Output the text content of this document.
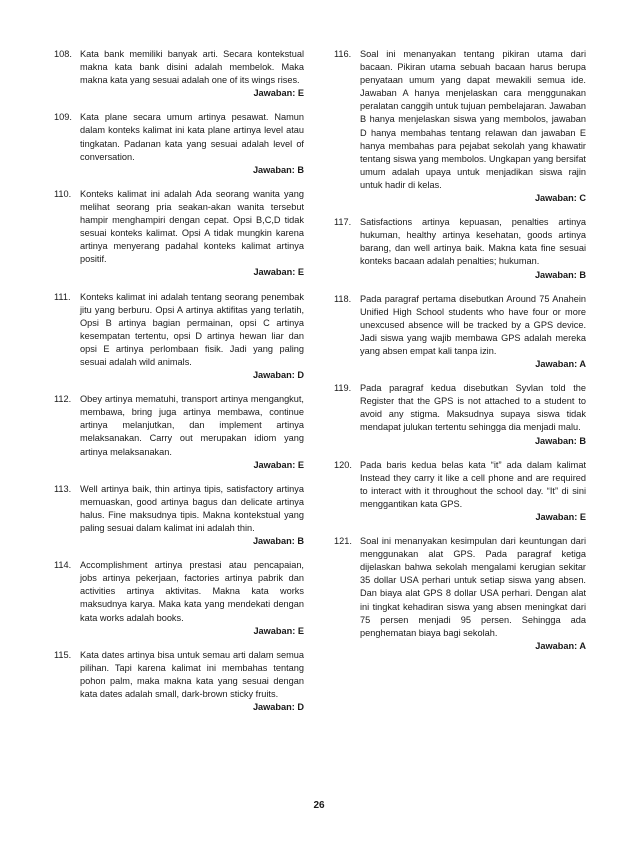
108. Kata bank memiliki banyak arti. Secara kontekstual makna kata bank disini adalah membelok. Maka makna kata yang sesuai adalah one of its wings rises.
Jawaban: E
109. Kata plane secara umum artinya pesawat. Namun dalam konteks kalimat ini kata plane artinya level atau tingkatan. Padanan kata yang sesuai adalah level of conversation.
Jawaban: B
110. Konteks kalimat ini adalah Ada seorang wanita yang melihat seorang pria seakan-akan wanita tersebut hampir menghampiri dengan cepat. Opsi B,C,D tidak sesuai konteks kalimat. Opsi A tidak mungkin karena artinya menyerang padahal konteks kalimat artinya positif.
Jawaban: E
111.	Konteks kalimat ini adalah tentang seorang penembak jitu yang berburu. Opsi A artinya aktifitas yang terlatih, Opsi B artinya bagian permainan, opsi C artinya kesempatan tertentu, opsi D artinya hewan liar dan opsi E artinya perlombaan fisik. Jadi yang paling sesuai adalah wild animals.
Jawaban: D
112. Obey artinya mematuhi, transport artinya mengangkut, membawa, bring juga artinya membawa, continue artinya melanjutkan, dan implement artinya melaksanakan. Carry out merupakan idiom yang artinya melaksanakan.
Jawaban: E
113. Well artinya baik, thin artinya tipis, satisfactory artinya memuaskan, good artinya bagus dan delicate artinya halus. Fine maksudnya tipis. Makna kontekstual yang paling sesuai dalam kalimat ini adalah thin.
Jawaban: B
114. Accomplishment artinya prestasi atau pencapaian, jobs artinya pekerjaan, factories artinya pabrik dan activities artinya aktivitas. Makna kata works maksudnya karya. Maka kata yang mendekati dengan kata works adalah books.
Jawaban: E
115. Kata dates artinya bisa untuk semau arti dalam semua pilihan. Tapi karena kalimat ini membahas tentang pohon palm, maka makna kata yang sesuai dengan kata dates adalah small, dark-brown sticky fruits.
Jawaban: D
116. Soal ini menanyakan tentang pikiran utama dari bacaan. Pikiran utama sebuah bacaan harus berupa penyataan umum yang dapat mewakili semua ide. Jawaban A hanya menjelaskan cara menggunakan peralatan canggih untuk tujuan pembelajaran. Jawaban B hanya menjelaskan siswa yang membolos, jawaban D hanya membahas tentang relawan dan jawaban E hanya membahas para pejabat sekolah yang khawatir tentang siswa yang membolos. Ungkapan yang bersifat umum adalah upaya untuk menjadikan siswa rajin untuk hadir di kelas.
Jawaban: C
117. Satisfactions artinya kepuasan, penalties artinya hukuman, healthy artinya kesehatan, goods artinya barang, dan well artinya baik. Makna kata fine sesuai konteks bacaan adalah penalties; hukuman.
Jawaban: B
118. Pada paragraf pertama disebutkan Around 75 Anahein Unified High School students who have four or more unexcused absence will be tracked by a GPS device. Jadi siswa yang wajib membawa GPS adalah mereka yang absen empat kali tanpa izin.
Jawaban: A
119. Pada paragraf kedua disebutkan Syvlan told the Register that the GPS is not attached to a student to avoid any stigma. Maksudnya supaya siswa tidak mendapat julukan tertentu sehingga dia menjadi malu.
Jawaban: B
120. Pada baris kedua belas kata “it” ada dalam kalimat Instead they carry it like a cell phone and are required to interact with it throughout the school day. “It” di sini menggantikan kata GPS.
Jawaban: E
121. Soal ini menanyakan kesimpulan dari keuntungan dari menggunakan alat GPS. Pada paragraf ketiga dijelaskan bahwa sekolah mengalami kerugian sekitar 35 dollar USA perhari untuk setiap siswa yang absen. Dan biaya alat GPS 8 dollar USA perhari. Dengan alat ini tingkat kehadiran siswa yang absen meningkat dari 75 persen menjadi 95 persen. Sehingga ada penghematan biaya bagi sekolah.
Jawaban: A
26
